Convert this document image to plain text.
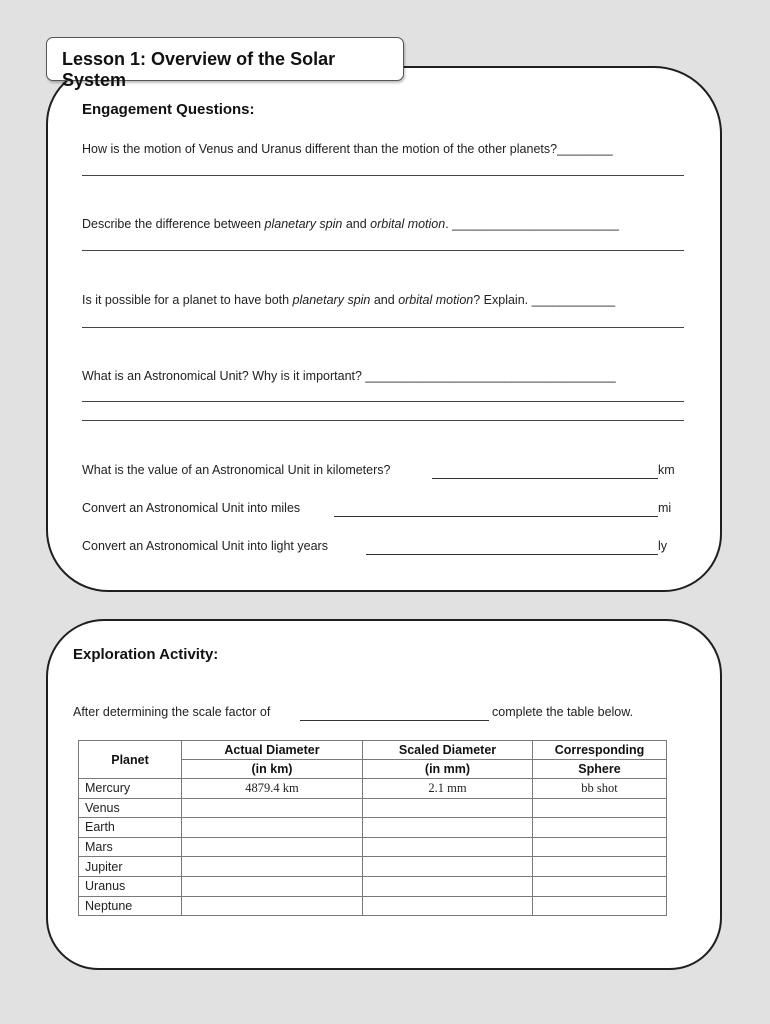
Lesson 1: Overview of the Solar System
Engagement Questions:
How is the motion of Venus and Uranus different than the motion of the other planets?________
Describe the difference between planetary spin and orbital motion. ________________________
Is it possible for a planet to have both planetary spin and orbital motion? Explain. ____________
What is an Astronomical Unit? Why is it important? ____________________________________
What is the value of an Astronomical Unit in kilometers?	km
Convert an Astronomical Unit into miles	mi
Convert an Astronomical Unit into light years	ly
Exploration Activity:
After determining the scale factor of	complete the table below.
Planet	Actual Diameter	Scaled Diameter	Corresponding
	(in km)	(in mm)	Sphere
Mercury	4879.4 km	2.1 mm	bb shot
Venus			
Earth			
Mars			
Jupiter			
Uranus			
Neptune			
